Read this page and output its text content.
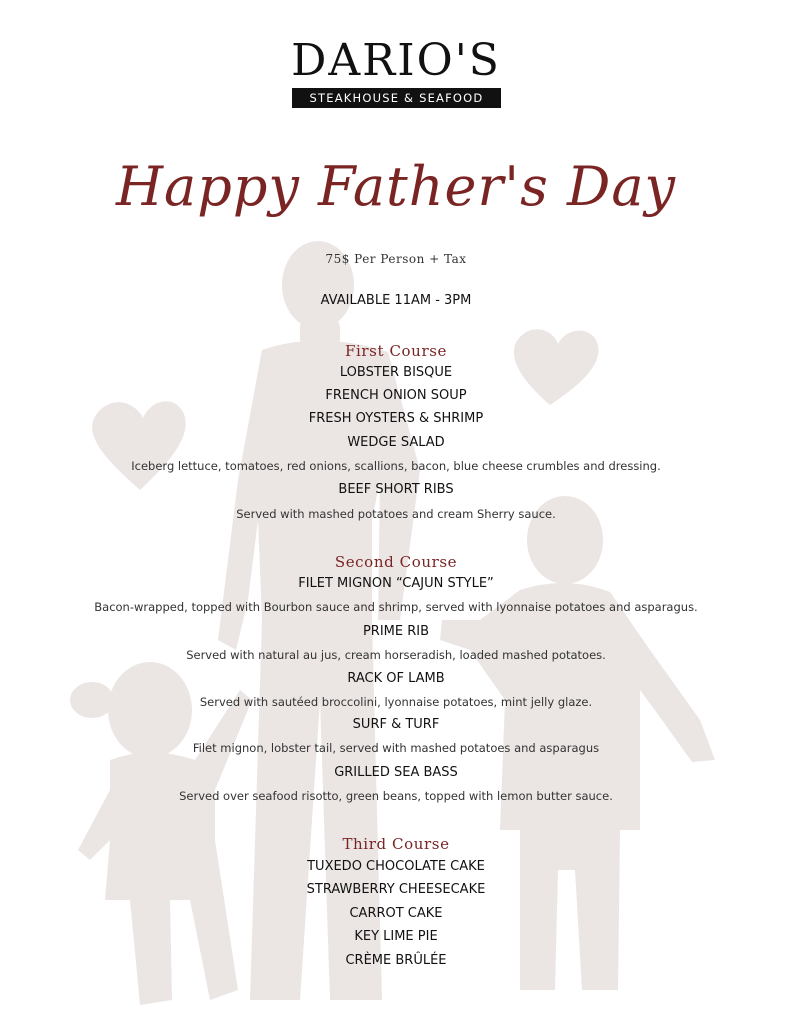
DARIO'S
STEAKHOUSE & SEAFOOD
Happy Father's Day
75$ Per Person + Tax
AVAILABLE 11AM - 3PM
First Course
LOBSTER BISQUE
FRENCH ONION SOUP
FRESH OYSTERS & SHRIMP
WEDGE SALAD
Iceberg lettuce, tomatoes, red onions, scallions, bacon, blue cheese crumbles and dressing.
BEEF SHORT RIBS
Served with mashed potatoes and cream Sherry sauce.
Second Course
FILET MIGNON “CAJUN STYLE”
Bacon-wrapped, topped with Bourbon sauce and shrimp, served with lyonnaise potatoes and asparagus.
PRIME RIB
Served with natural au jus, cream horseradish, loaded mashed potatoes.
RACK OF LAMB
Served with sautéed broccolini, lyonnaise potatoes, mint jelly glaze.
SURF & TURF
Filet mignon, lobster tail, served with mashed potatoes and asparagus
GRILLED SEA BASS
Served over seafood risotto, green beans, topped with lemon butter sauce.
Third Course
TUXEDO CHOCOLATE CAKE
STRAWBERRY CHEESECAKE
CARROT CAKE
KEY LIME PIE
CRÈME BRÛLÉE
